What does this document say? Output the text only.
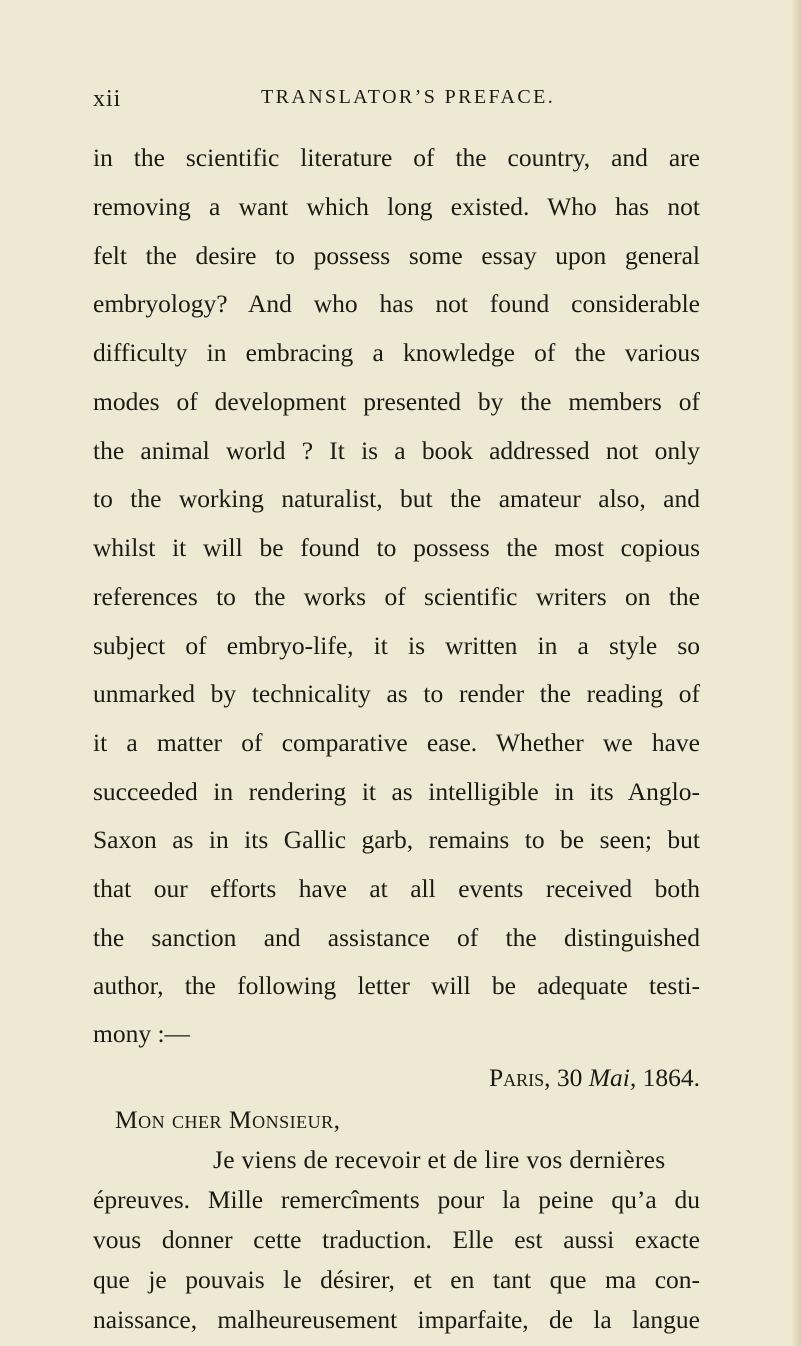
xii	TRANSLATOR’S PREFACE.
in the scientific literature of the country, and are
removing a want which long existed. Who has not
felt the desire to possess some essay upon general
embryology? And who has not found considerable
difficulty in embracing a knowledge of the various
modes of development presented by the members of
the animal world ? It is a book addressed not only
to the working naturalist, but the amateur also, and
whilst it will be found to possess the most copious
references to the works of scientific writers on the
subject of embryo-life, it is written in a style so
unmarked by technicality as to render the reading of
it a matter of comparative ease. Whether we have
succeeded in rendering it as intelligible in its Anglo-
Saxon as in its Gallic garb, remains to be seen; but
that our efforts have at all events received both
the sanction and assistance of the distinguished
author, the following letter will be adequate testi-
mony :—
Paris, 30 Mai, 1864.
Mon cher Monsieur,
Je viens de recevoir et de lire vos dernières
épreuves. Mille remercîments pour la peine qu’a du
vous donner cette traduction. Elle est aussi exacte
que je pouvais le désirer, et en tant que ma con-
naissance, malheureusement imparfaite, de la langue
